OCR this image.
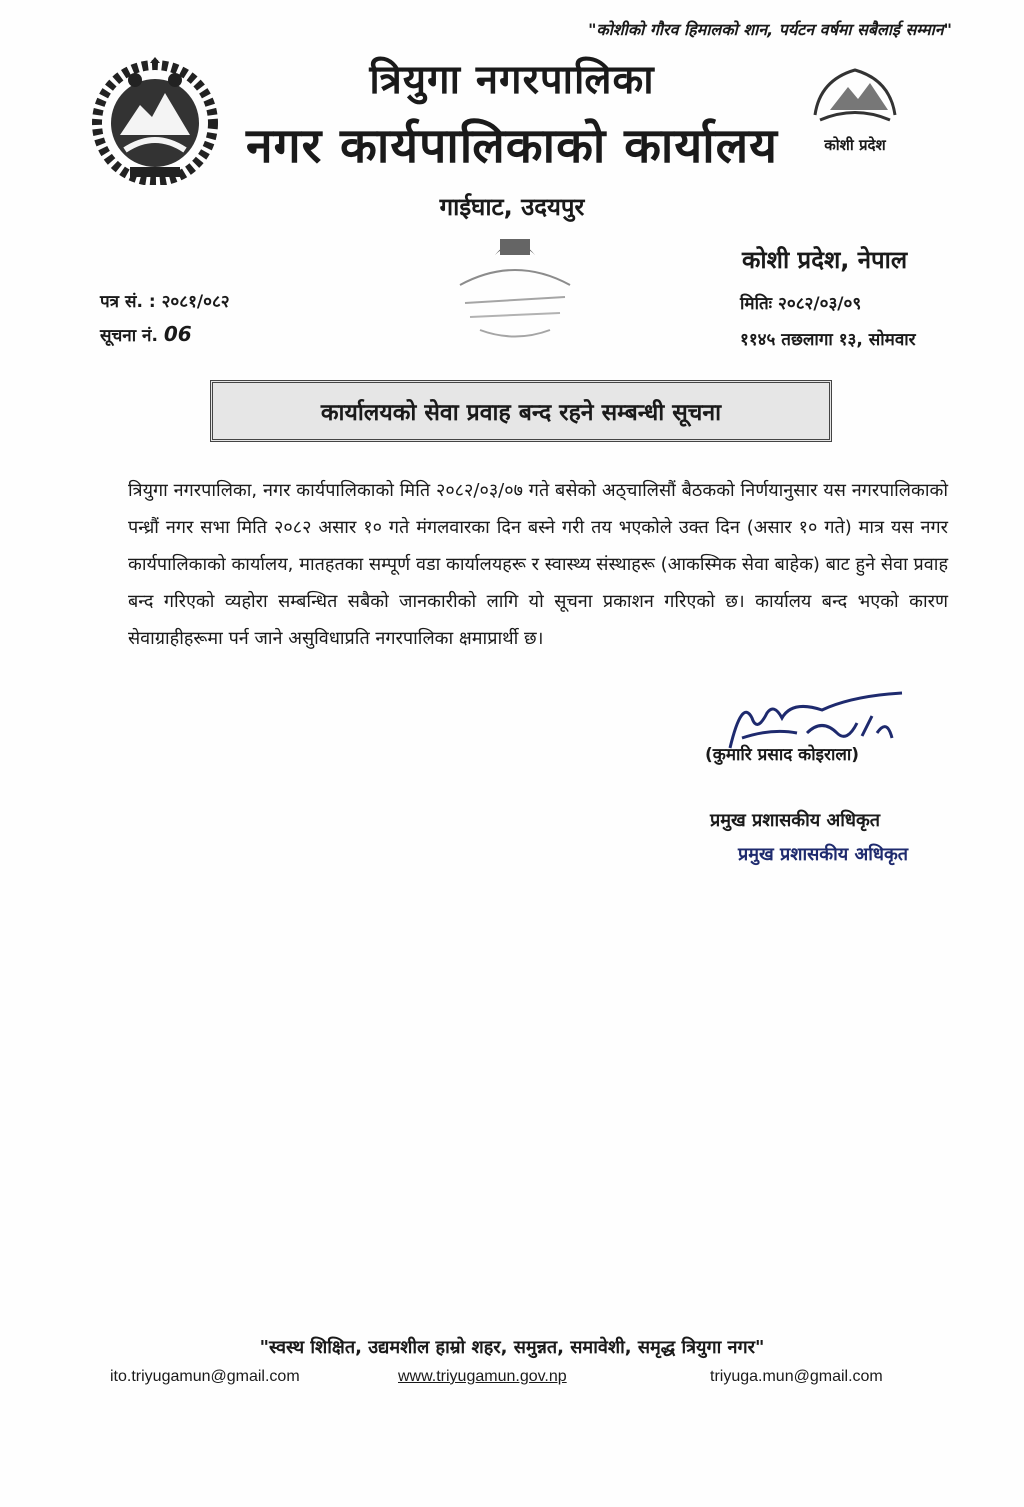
"कोशीको गौरव हिमालको शान, पर्यटन वर्षमा सबैलाई सम्मान"
त्रियुगा नगरपालिका
नगर कार्यपालिकाको कार्यालय	कोशी प्रदेश
गाईघाट, उदयपुर
कोशी प्रदेश, नेपाल
पत्र सं. : २०८१/०८२
सूचना नं. 06
मितिः २०८२/०३/०९
११४५ तछलागा १३, सोमवार
कार्यालयको सेवा प्रवाह बन्द रहने सम्बन्धी सूचना
त्रियुगा नगरपालिका, नगर कार्यपालिकाको मिति २०८२/०३/०७ गते बसेको अठ्चालिसौं बैठकको निर्णयानुसार यस नगरपालिकाको पन्ध्रौं नगर सभा मिति २०८२ असार १० गते मंगलवारका दिन बस्ने गरी तय भएकोले उक्त दिन (असार १० गते) मात्र यस नगर कार्यपालिकाको कार्यालय, मातहतका सम्पूर्ण वडा कार्यालयहरू र स्वास्थ्य संस्थाहरू (आकस्मिक सेवा बाहेक) बाट हुने सेवा प्रवाह बन्द गरिएको व्यहोरा सम्बन्धित सबैको जानकारीको लागि यो सूचना प्रकाशन गरिएको छ। कार्यालय बन्द भएको कारण सेवाग्राहीहरूमा पर्न जाने असुविधाप्रति नगरपालिका क्षमाप्रार्थी छ।
(कुमारि प्रसाद कोइराला)
प्रमुख प्रशासकीय अधिकृत
प्रमुख प्रशासकीय अधिकृत
"स्वस्थ शिक्षित, उद्यमशील हाम्रो शहर, समुन्नत, समावेशी, समृद्ध त्रियुगा नगर"
ito.triyugamun@gmail.com	www.triyugamun.gov.np	triyuga.mun@gmail.com
